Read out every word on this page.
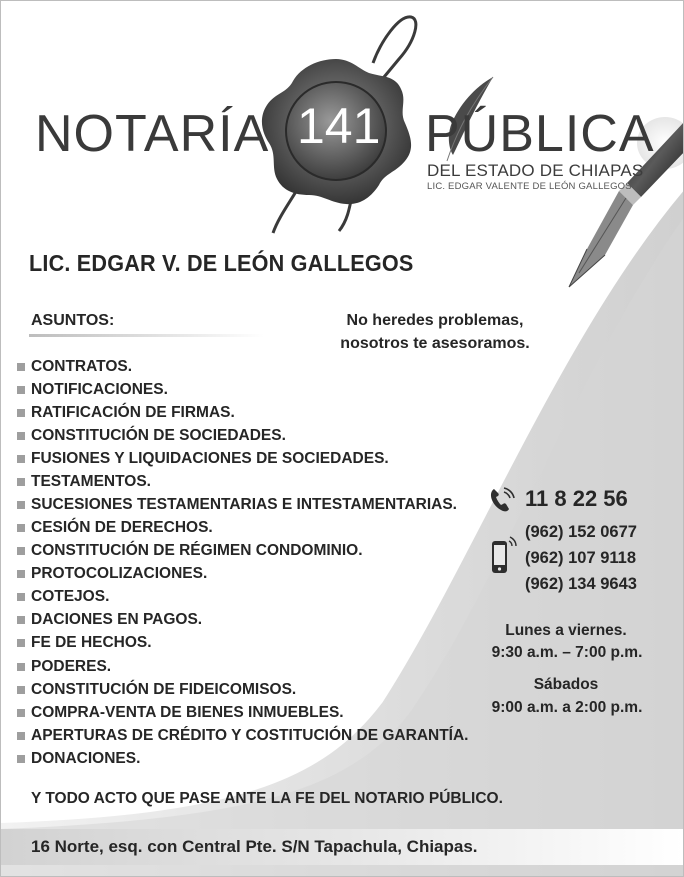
NOTARÍA 141 PÚBLICA
DEL ESTADO DE CHIAPAS
LIC. EDGAR VALENTE DE LEÓN GALLEGOS
LIC. EDGAR V. DE LEÓN GALLEGOS
ASUNTOS:
CONTRATOS.
NOTIFICACIONES.
RATIFICACIÓN DE FIRMAS.
CONSTITUCIÓN DE SOCIEDADES.
FUSIONES Y LIQUIDACIONES DE SOCIEDADES.
TESTAMENTOS.
SUCESIONES TESTAMENTARIAS E INTESTAMENTARIAS.
CESIÓN DE DERECHOS.
CONSTITUCIÓN DE RÉGIMEN CONDOMINIO.
PROTOCOLIZACIONES.
COTEJOS.
DACIONES EN PAGOS.
FE DE HECHOS.
PODERES.
CONSTITUCIÓN DE FIDEICOMISOS.
COMPRA-VENTA DE BIENES INMUEBLES.
APERTURAS DE CRÉDITO Y COSTITUCIÓN DE GARANTÍA.
DONACIONES.
No heredes problemas,
nosotros te asesoramos.
11 8 22 56
(962) 152 0677
(962) 107 9118
(962) 134 9643
Lunes a viernes.
9:30 a.m. – 7:00 p.m.
Sábados
9:00 a.m. a 2:00 p.m.
Y TODO ACTO QUE PASE ANTE LA FE DEL NOTARIO PÚBLICO.
16 Norte, esq. con Central Pte. S/N Tapachula, Chiapas.
